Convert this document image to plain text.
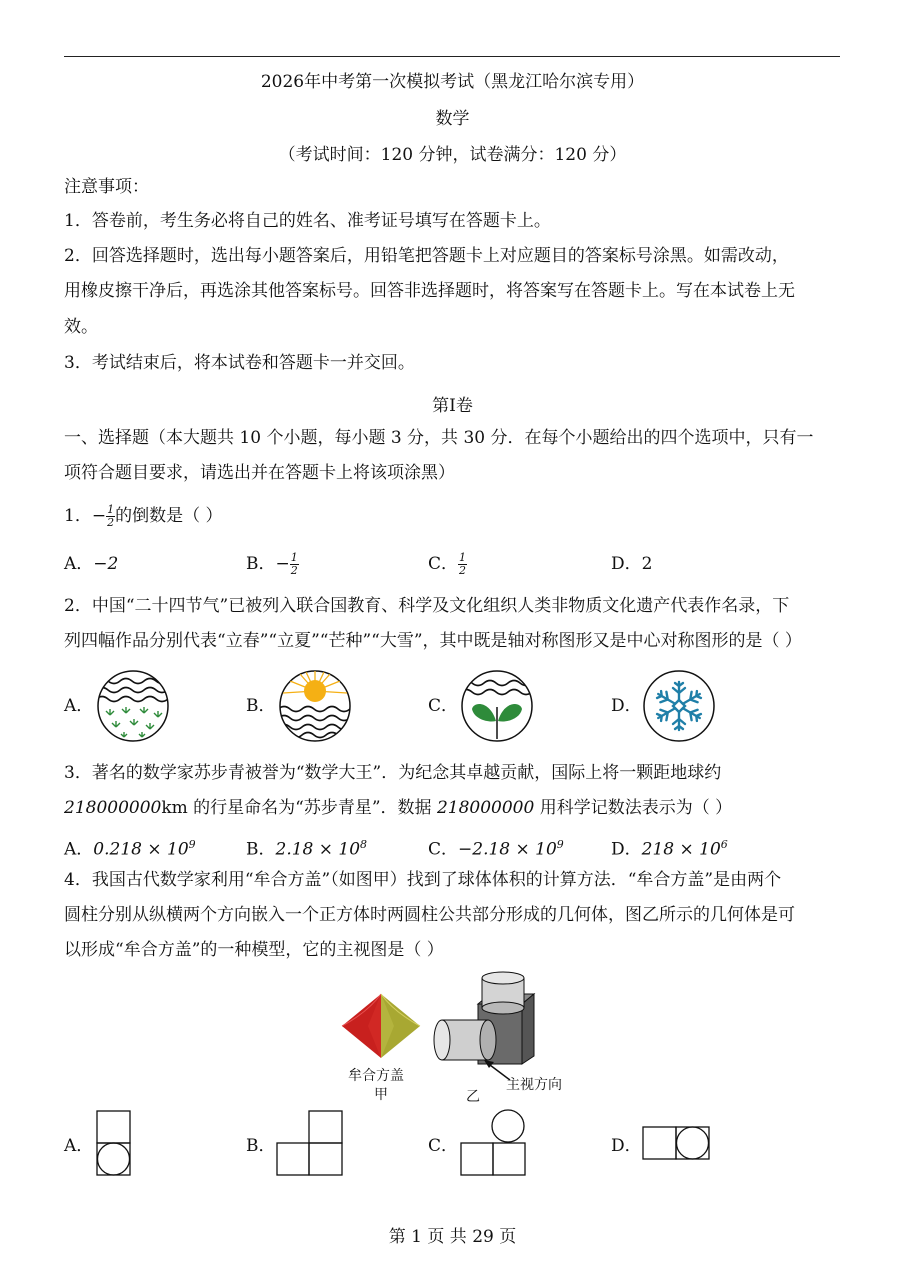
2026年中考第一次模拟考试（黑龙江哈尔滨专用）
数学
（考试时间：120 分钟，试卷满分：120 分）
注意事项：
1．答卷前，考生务必将自己的姓名、准考证号填写在答题卡上。
2．回答选择题时，选出每小题答案后，用铅笔把答题卡上对应题目的答案标号涂黑。如需改动，
用橡皮擦干净后，再选涂其他答案标号。回答非选择题时，将答案写在答题卡上。写在本试卷上无
效。
3．考试结束后，将本试卷和答题卡一并交回。
第Ⅰ卷
一、选择题（本大题共 10 个小题，每小题 3 分，共 30 分．在每个小题给出的四个选项中，只有一
项符合题目要求，请选出并在答题卡上将该项涂黑）
1．− $\frac{1}{2}$ 的倒数是（ ）
A．−2	B．− $\frac{1}{2}$	C． $\frac{1}{2}$	D．2
2．中国“二十四节气”已被列入联合国教育、科学及文化组织人类非物质文化遗产代表作名录，下
列四幅作品分别代表“立春”“立夏”“芒种”“大雪”，其中既是轴对称图形又是中心对称图形的是（ ）
A．	B．	C．	D．
3．著名的数学家苏步青被誉为“数学大王”．为纪念其卓越贡献，国际上将一颗距地球约
218000000km 的行星命名为“苏步青星”．数据 218000000 用科学记数法表示为（ ）
A．$0.218 \times 10^9$	B．$2.18 \times 10^8$	C．$-2.18 \times 10^9$	D．$218 \times 10^6$
4．我国古代数学家利用“牟合方盖”（如图甲）找到了球体体积的计算方法．“牟合方盖”是由两个
圆柱分别从纵横两个方向嵌入一个正方体时两圆柱公共部分形成的几何体，图乙所示的几何体是可
以形成“牟合方盖”的一种模型，它的主视图是（ ）
牟合方盖
甲
主视方向
乙
A．	B．	C．	D．
第 1 页 共 29 页
